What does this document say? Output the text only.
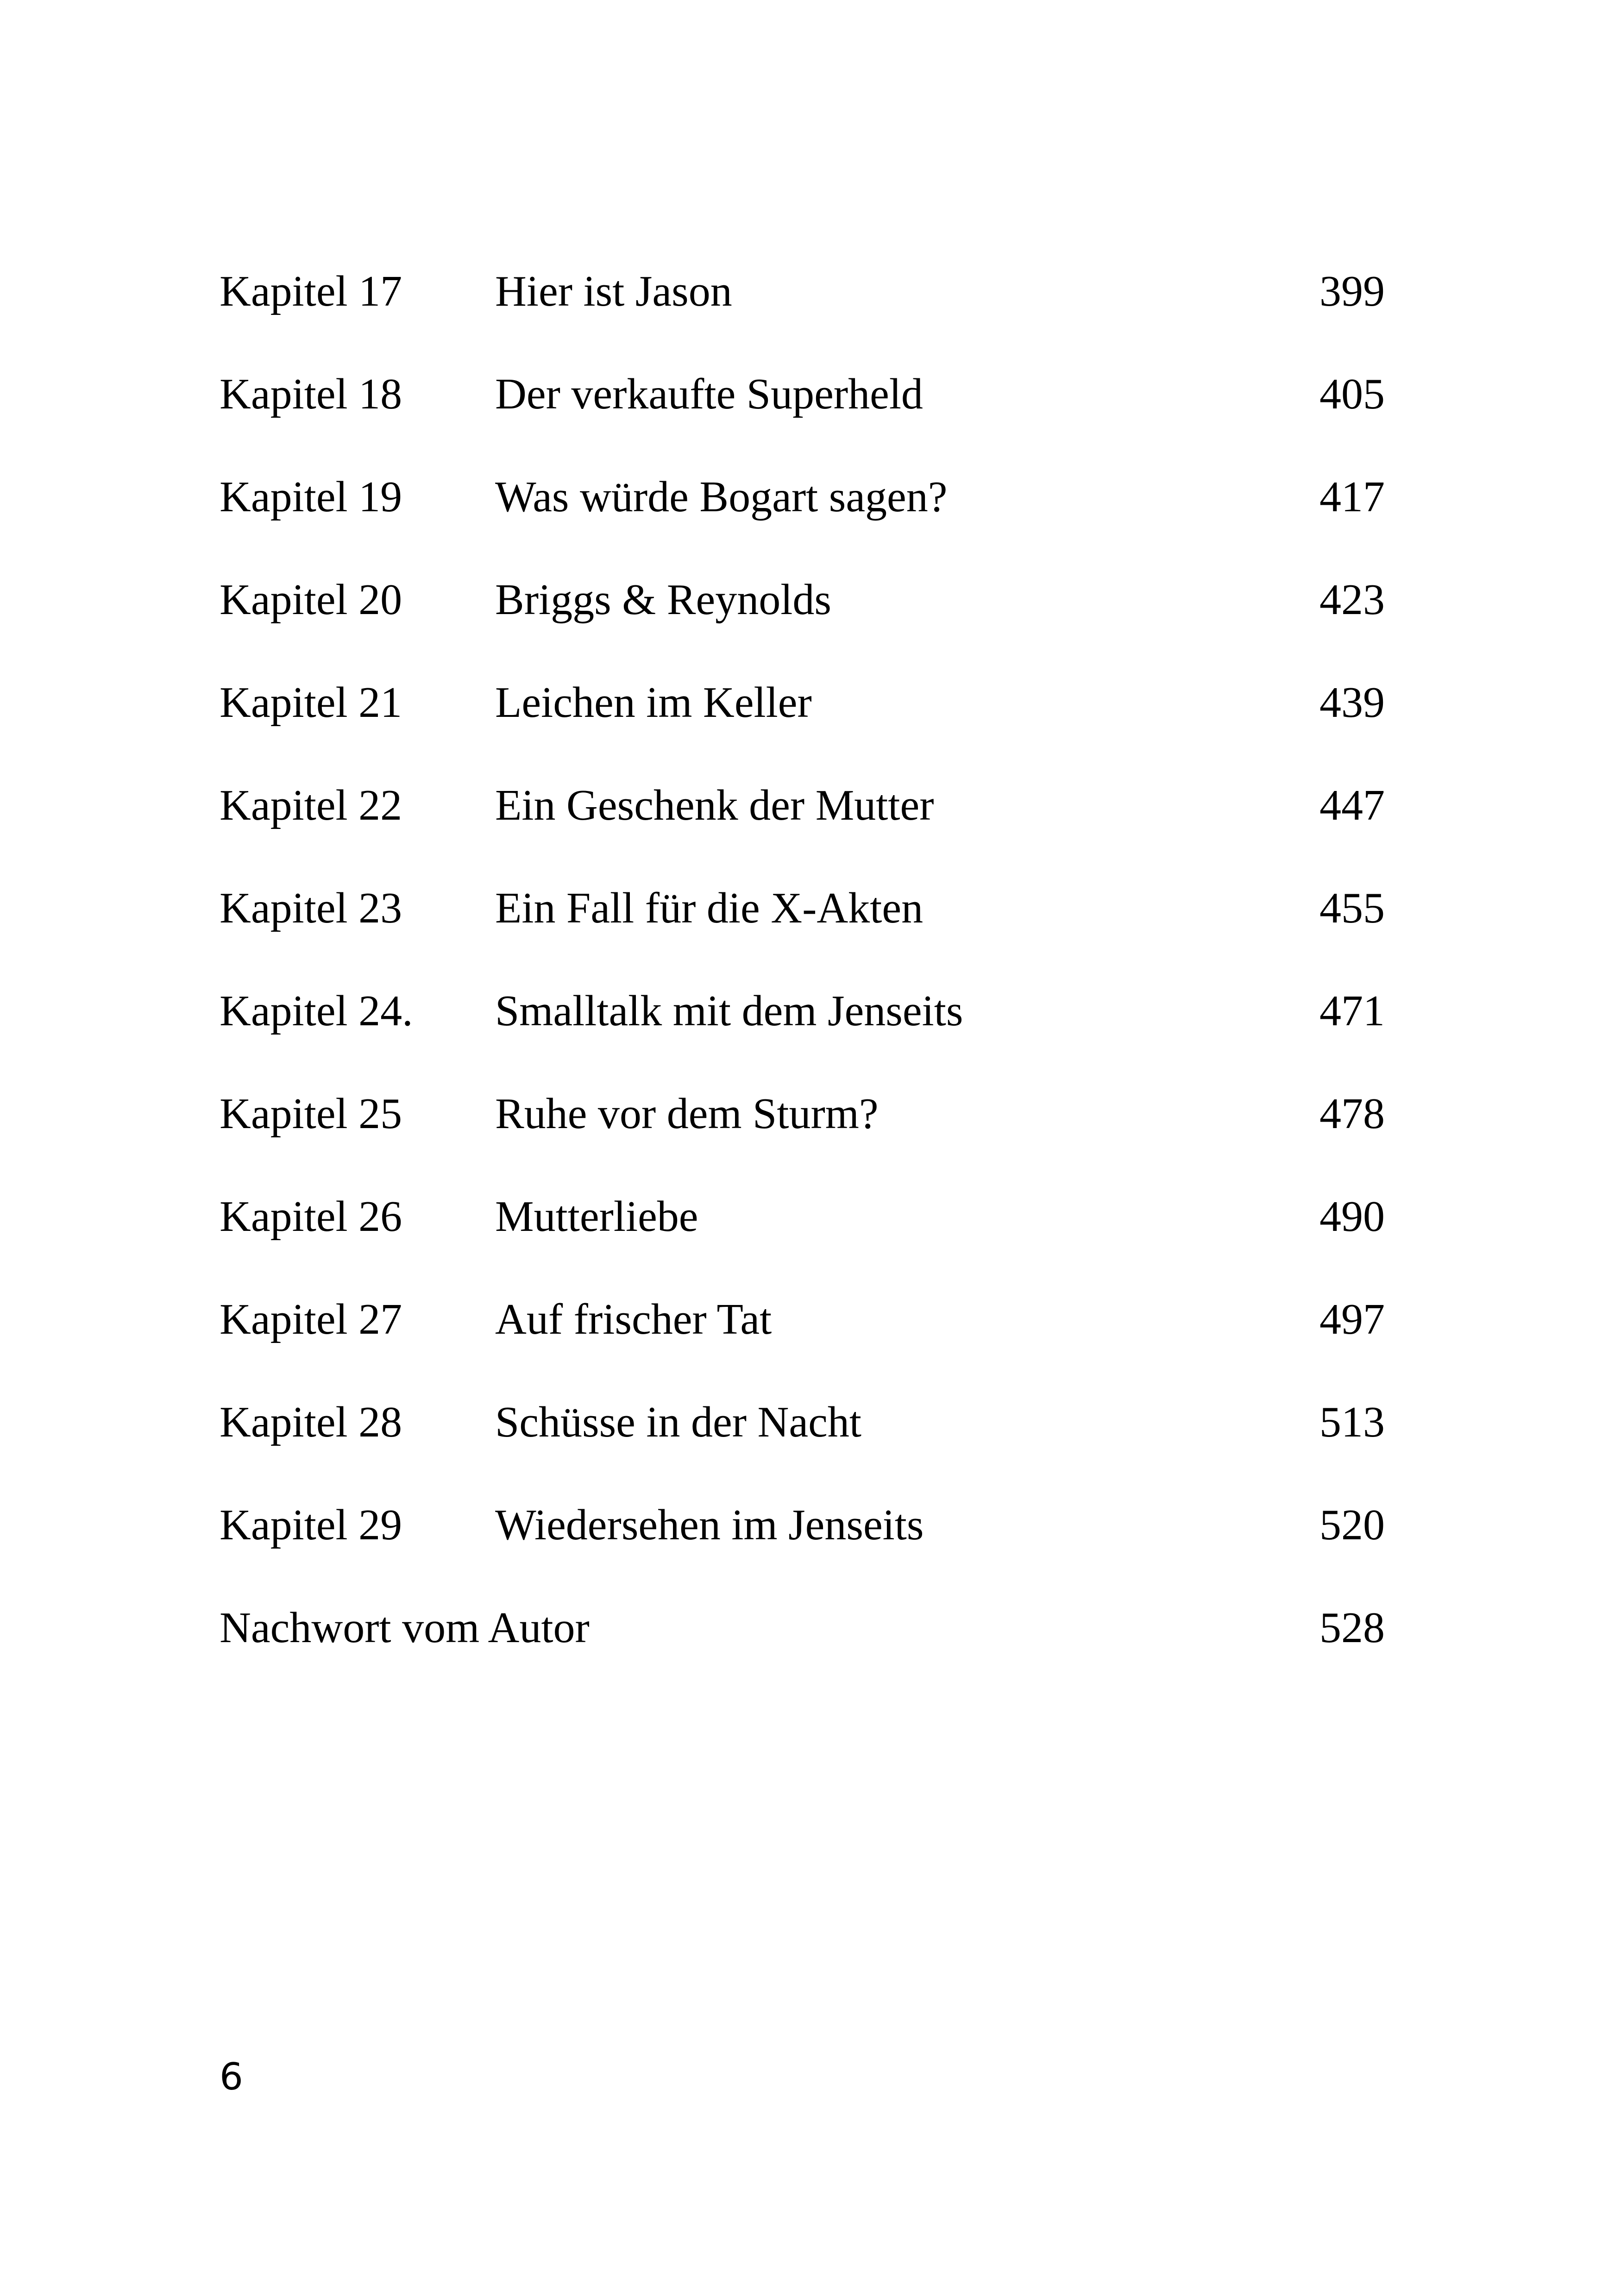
Kapitel 17 Hier ist Jason	399
Kapitel 18 Der verkaufte Superheld	405
Kapitel 19 Was würde Bogart sagen?	417
Kapitel 20 Briggs & Reynolds	423
Kapitel 21 Leichen im Keller	439
Kapitel 22 Ein Geschenk der Mutter	447
Kapitel 23 Ein Fall für die X-Akten	455
Kapitel 24. Smalltalk mit dem Jenseits	471
Kapitel 25 Ruhe vor dem Sturm?	478
Kapitel 26 Mutterliebe	490
Kapitel 27 Auf frischer Tat	497
Kapitel 28 Schüsse in der Nacht	513
Kapitel 29 Wiedersehen im Jenseits	520
Nachwort vom Autor	528
6
